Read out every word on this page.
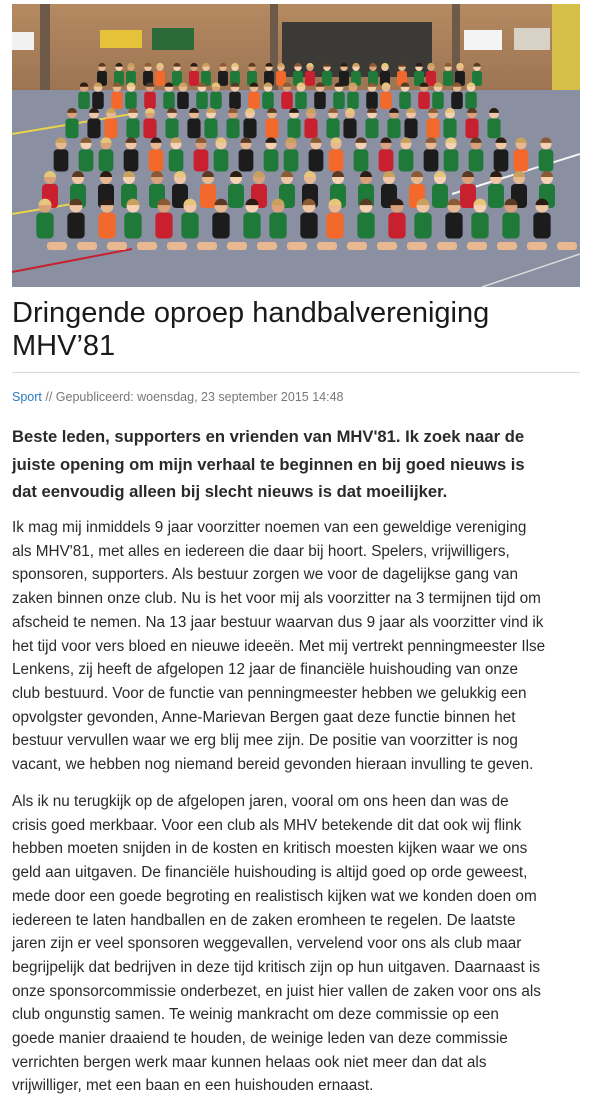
Dringende oproep handbalvereniging
MHV’81
Sport // Gepubliceerd: woensdag, 23 september 2015 14:48

Beste leden, supporters en vrienden van MHV'81. Ik zoek naar de
juiste opening om mijn verhaal te beginnen en bij goed nieuws is
dat eenvoudig alleen bij slecht nieuws is dat moeilijker.

Ik mag mij inmiddels 9 jaar voorzitter noemen van een geweldige vereniging
als MHV'81, met alles en iedereen die daar bij hoort. Spelers, vrijwilligers,
sponsoren, supporters. Als bestuur zorgen we voor de dagelijkse gang van
zaken binnen onze club. Nu is het voor mij als voorzitter na 3 termijnen tijd om
afscheid te nemen. Na 13 jaar bestuur waarvan dus 9 jaar als voorzitter vind ik
het tijd voor vers bloed en nieuwe ideeën. Met mij vertrekt penningmeester Ilse
Lenkens, zij heeft de afgelopen 12 jaar de financiële huishouding van onze
club bestuurd. Voor de functie van penningmeester hebben we gelukkig een
opvolgster gevonden, Anne-Marievan Bergen gaat deze functie binnen het
bestuur vervullen waar we erg blij mee zijn. De positie van voorzitter is nog
vacant, we hebben nog niemand bereid gevonden hieraan invulling te geven.

Als ik nu terugkijk op de afgelopen jaren, vooral om ons heen dan was de
crisis goed merkbaar. Voor een club als MHV betekende dit dat ook wij flink
hebben moeten snijden in de kosten en kritisch moesten kijken waar we ons
geld aan uitgaven. De financiële huishouding is altijd goed op orde geweest,
mede door een goede begroting en realistisch kijken wat we konden doen om
iedereen te laten handballen en de zaken eromheen te regelen. De laatste
jaren zijn er veel sponsoren weggevallen, vervelend voor ons als club maar
begrijpelijk dat bedrijven in deze tijd kritisch zijn op hun uitgaven. Daarnaast is
onze sponsorcommissie onderbezet, en juist hier vallen de zaken voor ons als
club ongunstig samen. Te weinig mankracht om deze commissie op een
goede manier draaiend te houden, de weinige leden van deze commissie
verrichten bergen werk maar kunnen helaas ook niet meer dan dat als
vrijwilliger, met een baan en een huishouden ernaast.
